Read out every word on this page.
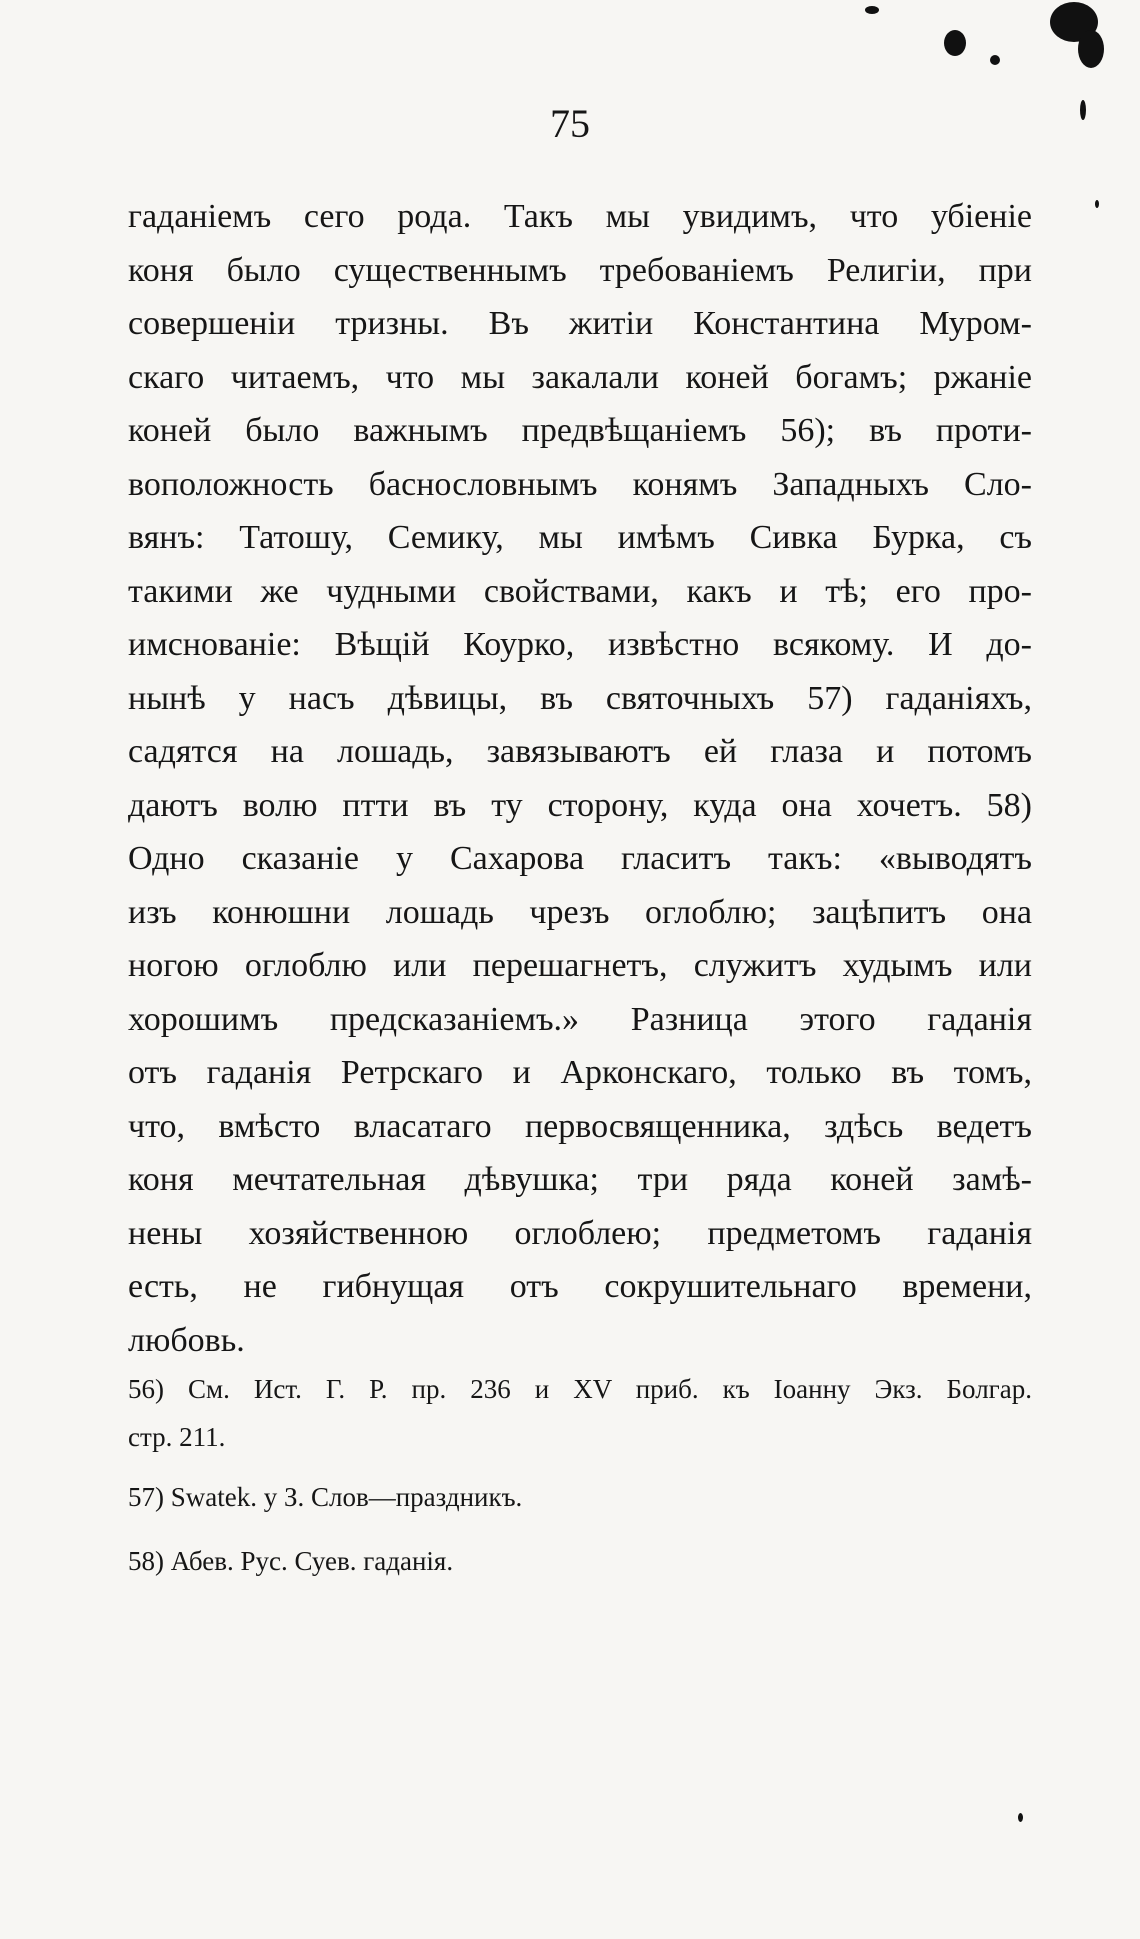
75
гаданіемъ сего рода. Такъ мы увидимъ, что убіеніе
коня было существеннымъ требованіемъ Религіи, при
совершеніи тризны. Въ житіи Константина Муром-
скаго читаемъ, что мы закалали коней богамъ; ржаніе
коней было важнымъ предвѣщаніемъ 56); въ проти-
воположность баснословнымъ конямъ Западныхъ Сло-
вянъ: Татошу, Семику, мы имѣмъ Сивка Бурка, съ
такими же чудными свойствами, какъ и тѣ; его про-
имснованіе: Вѣщій Коурко, извѣстно всякому. И до-
нынѣ у насъ дѣвицы, въ святочныхъ 57) гаданіяхъ,
садятся на лошадь, завязываютъ ей глаза и потомъ
даютъ волю птти въ ту сторону, куда она хочетъ. 58)
Одно сказаніе у Сахарова гласитъ такъ: «выводятъ
изъ конюшни лошадь чрезъ оглоблю; зацѣпитъ она
ногою оглоблю или перешагнетъ, служитъ худымъ или
хорошимъ предсказаніемъ.» Разница этого гаданія
отъ гаданія Ретрскаго и Арконскаго, только въ томъ,
что, вмѣсто власатаго первосвященника, здѣсь ведетъ
коня мечтательная дѣвушка; три ряда коней замѣ-
нены хозяйственною оглоблею; предметомъ гаданія
есть, не гибнущая отъ сокрушительнаго времени,
любовь.
56) См. Ист. Г. Р. пр. 236 и XV приб. къ Іоанну Экз. Болгар.
стр. 211.
57) Swatek. у З. Слов—праздникъ.
58) Абев. Рус. Суев. гаданія.
